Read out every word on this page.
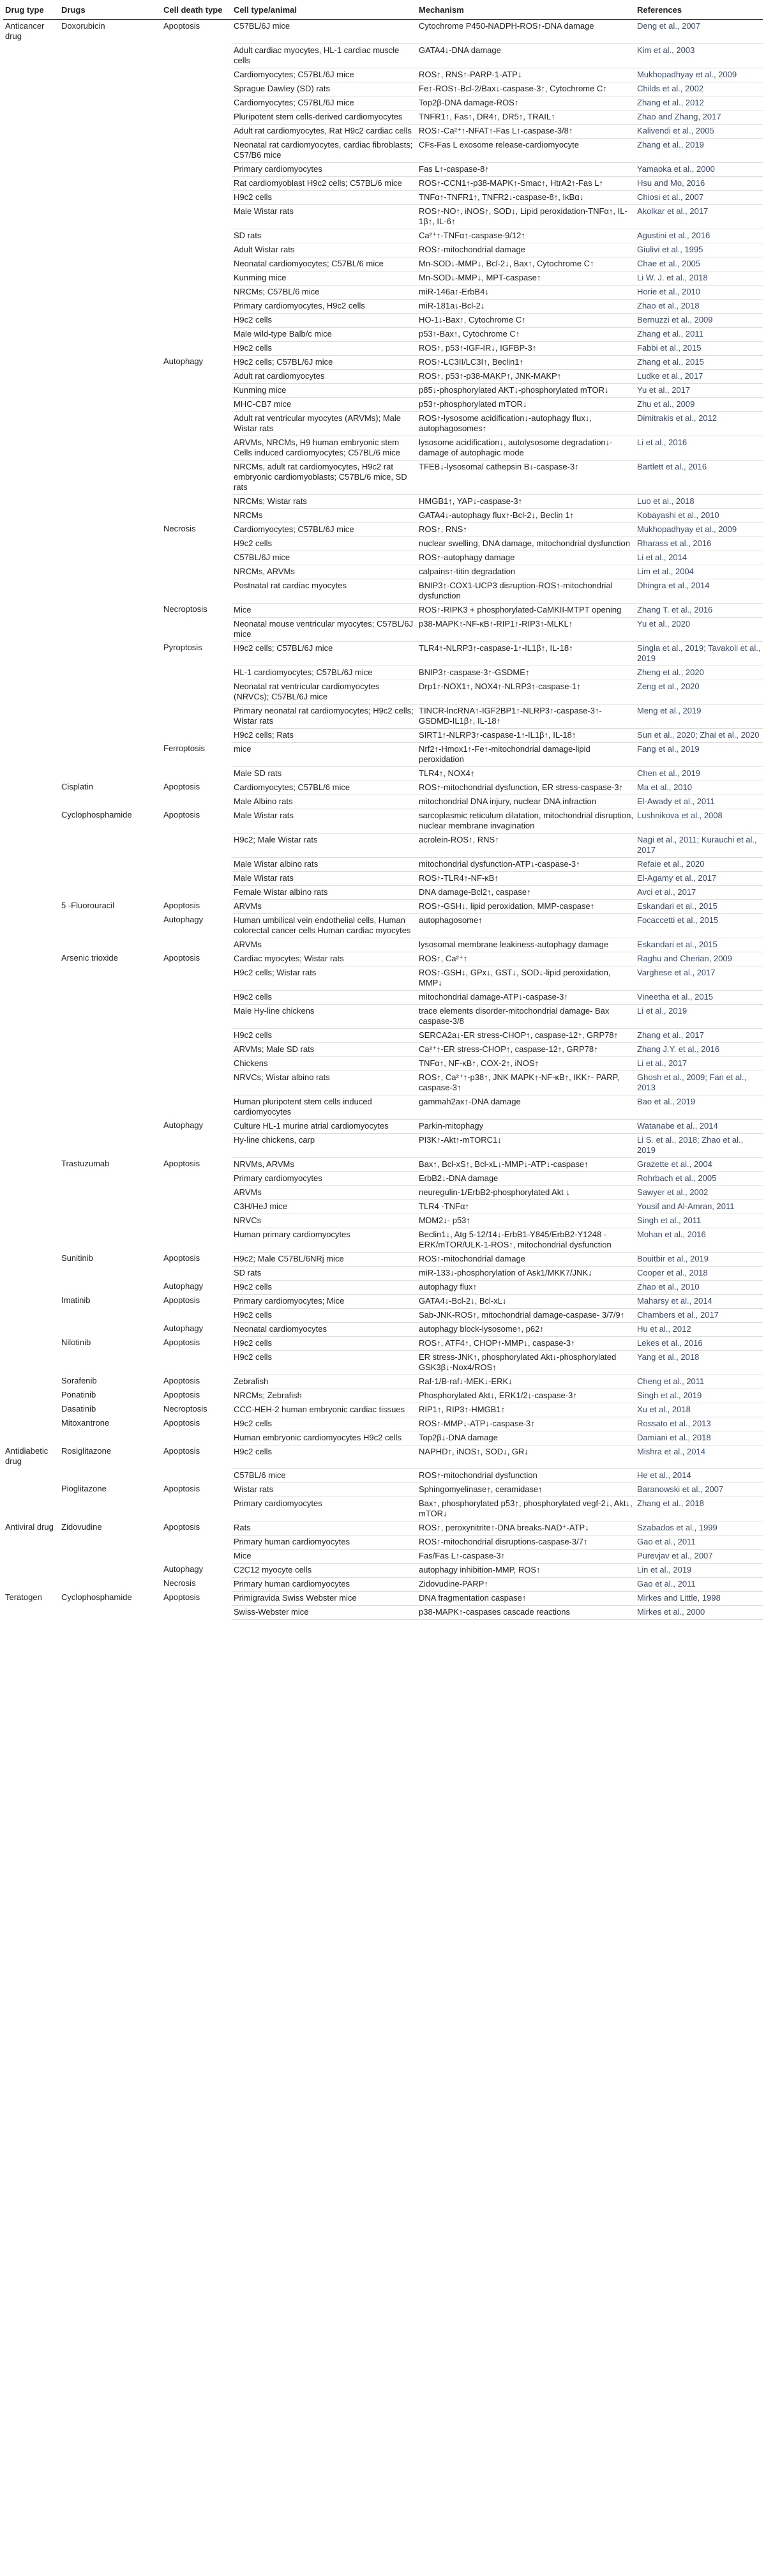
Drug type	Drugs	Cell death type	Cell type/animal	Mechanism	References
Anticancer drug	Doxorubicin	Apoptosis	C57BL/6J mice	Cytochrome P450-NADPH-ROS↑-DNA damage	Deng et al., 2007
			Adult cardiac myocytes, HL-1 cardiac muscle cells	GATA4↓-DNA damage	Kim et al., 2003
			Cardiomyocytes; C57BL/6J mice	ROS↑, RNS↑-PARP-1-ATP↓	Mukhopadhyay et al., 2009
			Sprague Dawley (SD) rats	Fe↑-ROS↑-Bcl-2/Bax↓-caspase-3↑, Cytochrome C↑	Childs et al., 2002
			Cardiomyocytes; C57BL/6J mice	Top2β-DNA damage-ROS↑	Zhang et al., 2012
			Pluripotent stem cells-derived cardiomyocytes	TNFR1↑, Fas↑, DR4↑, DR5↑, TRAIL↑	Zhao and Zhang, 2017
			Adult rat cardiomyocytes, Rat H9c2 cardiac cells	ROS↑-Ca²⁺↑-NFAT↑-Fas L↑-caspase-3/8↑	Kalivendi et al., 2005
			Neonatal rat cardiomyocytes, cardiac fibroblasts; C57/B6 mice	CFs-Fas L exosome release-cardiomyocyte	Zhang et al., 2019
			Primary cardiomyocytes	Fas L↑-caspase-8↑	Yamaoka et al., 2000
			Rat cardiomyoblast H9c2 cells; C57BL/6 mice	ROS↑-CCN1↑-p38-MAPK↑-Smac↑, HtrA2↑-Fas L↑	Hsu and Mo, 2016
			H9c2 cells	TNFα↑-TNFR1↑, TNFR2↓-caspase-8↑, IκBα↓	Chiosi et al., 2007
			Male Wistar rats	ROS↑-NO↑, iNOS↑, SOD↓, Lipid peroxidation-TNFα↑, IL-1β↑, IL-6↑	Akolkar et al., 2017
			SD rats	Ca²⁺↑-TNFα↑-caspase-9/12↑	Agustini et al., 2016
			Adult Wistar rats	ROS↑-mitochondrial damage	Giulivi et al., 1995
			Neonatal cardiomyocytes; C57BL/6 mice	Mn-SOD↓-MMP↓, Bcl-2↓, Bax↑, Cytochrome C↑	Chae et al., 2005
			Kunming mice	Mn-SOD↓-MMP↓, MPT-caspase↑	Li W. J. et al., 2018
			NRCMs; C57BL/6 mice	miR-146a↑-ErbB4↓	Horie et al., 2010
			Primary cardiomyocytes, H9c2 cells	miR-181a↓-Bcl-2↓	Zhao et al., 2018
			H9c2 cells	HO-1↓-Bax↑, Cytochrome C↑	Bernuzzi et al., 2009
			Male wild-type Balb/c mice	p53↑-Bax↑, Cytochrome C↑	Zhang et al., 2011
			H9c2 cells	ROS↑, p53↑-IGF-IR↓, IGFBP-3↑	Fabbi et al., 2015
		Autophagy	H9c2 cells; C57BL/6J mice	ROS↑-LC3II/LC3I↑, Beclin1↑	Zhang et al., 2015
			Adult rat cardiomyocytes	ROS↑, p53↑-p38-MAKP↑, JNK-MAKP↑	Ludke et al., 2017
			Kunming mice	p85↓-phosphorylated AKT↓-phosphorylated mTOR↓	Yu et al., 2017
			MHC-CB7 mice	p53↑-phosphorylated mTOR↓	Zhu et al., 2009
			Adult rat ventricular myocytes (ARVMs); Male Wistar rats	ROS↑-lysosome acidification↓-autophagy flux↓, autophagosomes↑	Dimitrakis et al., 2012
			ARVMs, NRCMs, H9 human embryonic stem Cells induced cardiomyocytes; C57BL/6 mice	lysosome acidification↓, autolysosome degradation↓-damage of autophagic mode	Li et al., 2016
			NRCMs, adult rat cardiomyocytes, H9c2 rat embryonic cardiomyoblasts; C57BL/6 mice, SD rats	TFEB↓-lysosomal cathepsin B↓-caspase-3↑	Bartlett et al., 2016
			NRCMs; Wistar rats	HMGB1↑, YAP↓-caspase-3↑	Luo et al., 2018
			NRCMs	GATA4↓-autophagy flux↑-Bcl-2↓, Beclin 1↑	Kobayashi et al., 2010
		Necrosis	Cardiomyocytes; C57BL/6J mice	ROS↑, RNS↑	Mukhopadhyay et al., 2009
			H9c2 cells	nuclear swelling, DNA damage, mitochondrial dysfunction	Rharass et al., 2016
			C57BL/6J mice	ROS↑-autophagy damage	Li et al., 2014
			NRCMs, ARVMs	calpains↑-titin degradation	Lim et al., 2004
			Postnatal rat cardiac myocytes	BNIP3↑-COX1-UCP3 disruption-ROS↑-mitochondrial dysfunction	Dhingra et al., 2014
		Necroptosis	Mice	ROS↑-RIPK3 + phosphorylated-CaMKII-MTPT opening	Zhang T. et al., 2016
			Neonatal mouse ventricular myocytes; C57BL/6J mice	p38-MAPK↑-NF-κB↑-RIP1↑-RIP3↑-MLKL↑	Yu et al., 2020
		Pyroptosis	H9c2 cells; C57BL/6J mice	TLR4↑-NLRP3↑-caspase-1↑-IL1β↑, IL-18↑	Singla et al., 2019; Tavakoli et al., 2019
			HL-1 cardiomyocytes; C57BL/6J mice	BNIP3↑-caspase-3↑-GSDME↑	Zheng et al., 2020
			Neonatal rat ventricular cardiomyocytes (NRVCs); C57BL/6J mice	Drp1↑-NOX1↑, NOX4↑-NLRP3↑-caspase-1↑	Zeng et al., 2020
			Primary neonatal rat cardiomyocytes; H9c2 cells; Wistar rats	TINCR-lncRNA↑-IGF2BP1↑-NLRP3↑-caspase-3↑-GSDMD-IL1β↑, IL-18↑	Meng et al., 2019
			H9c2 cells; Rats	SIRT1↑-NLRP3↑-caspase-1↑-IL1β↑, IL-18↑	Sun et al., 2020; Zhai et al., 2020
		Ferroptosis	mice	Nrf2↑-Hmox1↑-Fe↑-mitochondrial damage-lipid peroxidation	Fang et al., 2019
			Male SD rats	TLR4↑, NOX4↑	Chen et al., 2019
	Cisplatin	Apoptosis	Cardiomyocytes; C57BL/6 mice	ROS↑-mitochondrial dysfunction, ER stress-caspase-3↑	Ma et al., 2010
			Male Albino rats	mitochondrial DNA injury, nuclear DNA infraction	El-Awady et al., 2011
	Cyclophosphamide	Apoptosis	Male Wistar rats	sarcoplasmic reticulum dilatation, mitochondrial disruption, nuclear membrane invagination	Lushnikova et al., 2008
			H9c2; Male Wistar rats	acrolein-ROS↑, RNS↑	Nagi et al., 2011; Kurauchi et al., 2017
			Male Wistar albino rats	mitochondrial dysfunction-ATP↓-caspase-3↑	Refaie et al., 2020
			Male Wistar rats	ROS↑-TLR4↑-NF-κB↑	El-Agamy et al., 2017
			Female Wistar albino rats	DNA damage-Bcl2↑, caspase↑	Avci et al., 2017
	5 -Fluorouracil	Apoptosis	ARVMs	ROS↑-GSH↓, lipid peroxidation, MMP-caspase↑	Eskandari et al., 2015
		Autophagy	Human umbilical vein endothelial cells, Human colorectal cancer cells Human cardiac myocytes	autophagosome↑	Focaccetti et al., 2015
			ARVMs	lysosomal membrane leakiness-autophagy damage	Eskandari et al., 2015
	Arsenic trioxide	Apoptosis	Cardiac myocytes; Wistar rats	ROS↑, Ca²⁺↑	Raghu and Cherian, 2009
			H9c2 cells; Wistar rats	ROS↑-GSH↓, GPx↓, GST↓, SOD↓-lipid peroxidation, MMP↓	Varghese et al., 2017
			H9c2 cells	mitochondrial damage-ATP↓-caspase-3↑	Vineetha et al., 2015
			Male Hy-line chickens	trace elements disorder-mitochondrial damage- Bax caspase-3/8	Li et al., 2019
			H9c2 cells	SERCA2a↓-ER stress-CHOP↑, caspase-12↑, GRP78↑	Zhang et al., 2017
			ARVMs; Male SD rats	Ca²⁺↑-ER stress-CHOP↑, caspase-12↑, GRP78↑	Zhang J.Y. et al., 2016
			Chickens	TNFα↑, NF-κB↑, COX-2↑, iNOS↑	Li et al., 2017
			NRVCs; Wistar albino rats	ROS↑, Ca²⁺↑-p38↑, JNK MAPK↑-NF-κB↑, IKK↑- PARP, caspase-3↑	Ghosh et al., 2009; Fan et al., 2013
			Human pluripotent stem cells induced cardiomyocytes	gammah2ax↑-DNA damage	Bao et al., 2019
		Autophagy	Culture HL-1 murine atrial cardiomyocytes	Parkin-mitophagy	Watanabe et al., 2014
			Hy-line chickens, carp	PI3K↑-Akt↑-mTORC1↓	Li S. et al., 2018; Zhao et al., 2019
	Trastuzumab	Apoptosis	NRVMs, ARVMs	Bax↑, Bcl-xS↑, Bcl-xL↓-MMP↓-ATP↓-caspase↑	Grazette et al., 2004
			Primary cardiomyocytes	ErbB2↓-DNA damage	Rohrbach et al., 2005
			ARVMs	neuregulin-1/ErbB2-phosphorylated Akt ↓	Sawyer et al., 2002
			C3H/HeJ mice	TLR4 -TNFα↑	Yousif and Al-Amran, 2011
			NRVCs	MDM2↓- p53↑	Singh et al., 2011
			Human primary cardiomyocytes	Beclin1↓, Atg 5-12/14↓-ErbB1-Y845/ErbB2-Y1248 -ERK/mTOR/ULK-1-ROS↑, mitochondrial dysfunction	Mohan et al., 2016
	Sunitinib	Apoptosis	H9c2; Male C57BL/6NRj mice	ROS↑-mitochondrial damage	Bouitbir et al., 2019
			SD rats	miR-133↓-phosphorylation of Ask1/MKK7/JNK↓	Cooper et al., 2018
		Autophagy	H9c2 cells	autophagy flux↑	Zhao et al., 2010
	Imatinib	Apoptosis	Primary cardiomyocytes; Mice	GATA4↓-Bcl-2↓, Bcl-xL↓	Maharsy et al., 2014
			H9c2 cells	Sab-JNK-ROS↑, mitochondrial damage-caspase- 3/7/9↑	Chambers et al., 2017
		Autophagy	Neonatal cardiomyocytes	autophagy block-lysosome↑, p62↑	Hu et al., 2012
	Nilotinib	Apoptosis	H9c2 cells	ROS↑, ATF4↑, CHOP↑-MMP↓, caspase-3↑	Lekes et al., 2016
			H9c2 cells	ER stress-JNK↑, phosphorylated Akt↓-phosphorylated GSK3β↓-Nox4/ROS↑	Yang et al., 2018
	Sorafenib	Apoptosis	Zebrafish	Raf-1/B-raf↓-MEK↓-ERK↓	Cheng et al., 2011
	Ponatinib	Apoptosis	NRCMs; Zebrafish	Phosphorylated Akt↓, ERK1/2↓-caspase-3↑	Singh et al., 2019
	Dasatinib	Necroptosis	CCC-HEH-2 human embryonic cardiac tissues	RIP1↑, RIP3↑-HMGB1↑	Xu et al., 2018
	Mitoxantrone	Apoptosis	H9c2 cells	ROS↑-MMP↓-ATP↓-caspase-3↑	Rossato et al., 2013
			Human embryonic cardiomyocytes H9c2 cells	Top2β↓-DNA damage	Damiani et al., 2018
Antidiabetic drug	Rosiglitazone	Apoptosis	H9c2 cells	NAPHD↑, iNOS↑, SOD↓, GR↓	Mishra et al., 2014
			C57BL/6 mice	ROS↑-mitochondrial dysfunction	He et al., 2014
	Pioglitazone	Apoptosis	Wistar rats	Sphingomyelinase↑, ceramidase↑	Baranowski et al., 2007
			Primary cardiomyocytes	Bax↑, phosphorylated p53↑, phosphorylated vegf-2↓, Akt↓, mTOR↓	Zhang et al., 2018
Antiviral drug	Zidovudine	Apoptosis	Rats	ROS↑, peroxynitrite↑-DNA breaks-NAD⁺-ATP↓	Szabados et al., 1999
			Primary human cardiomyocytes	ROS↑-mitochondrial disruptions-caspase-3/7↑	Gao et al., 2011
			Mice	Fas/Fas L↑-caspase-3↑	Purevjav et al., 2007
		Autophagy	C2C12 myocyte cells	autophagy inhibition-MMP, ROS↑	Lin et al., 2019
		Necrosis	Primary human cardiomyocytes	Zidovudine-PARP↑	Gao et al., 2011
Teratogen	Cyclophosphamide	Apoptosis	Primigravida Swiss Webster mice	DNA fragmentation caspase↑	Mirkes and Little, 1998
			Swiss-Webster mice	p38-MAPK↑-caspases cascade reactions	Mirkes et al., 2000
